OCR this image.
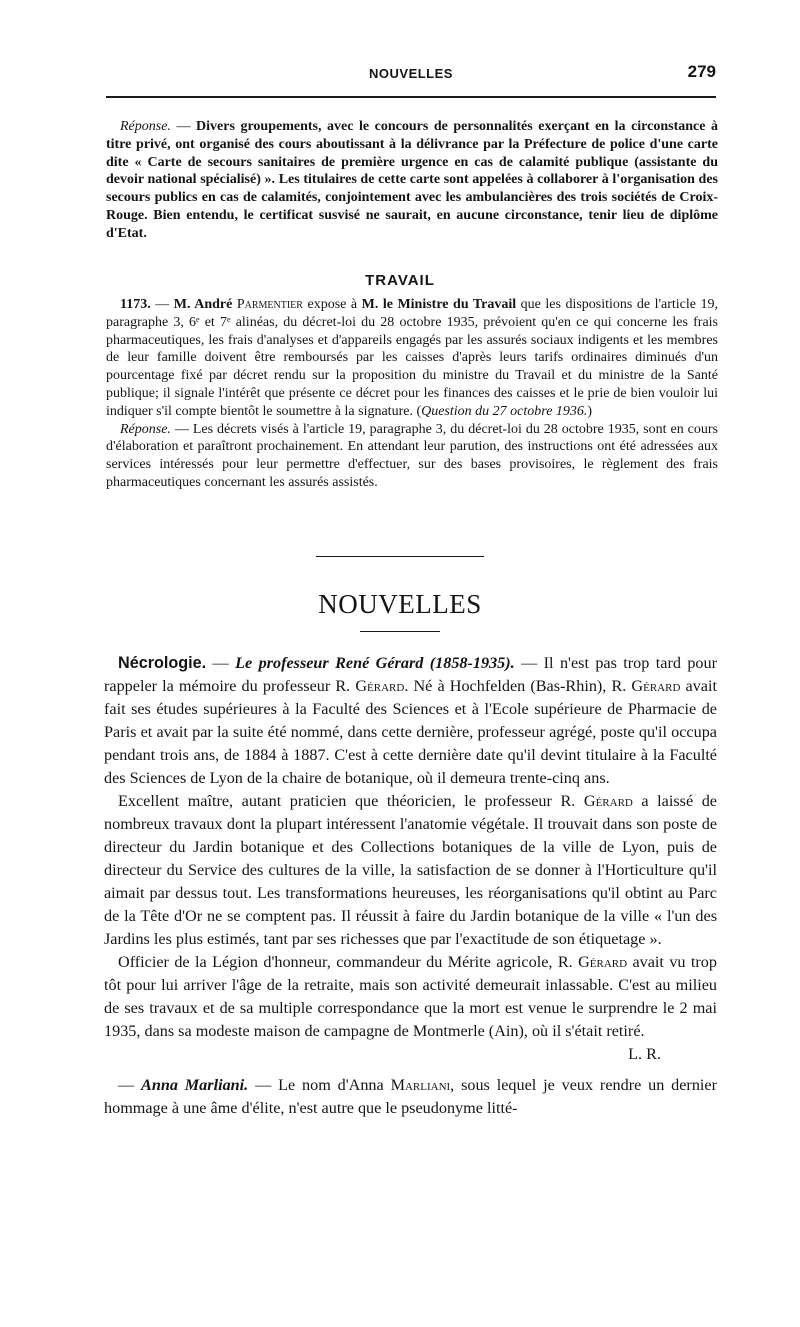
NOUVELLES	279

Réponse. — Divers groupements, avec le concours de personnalités exerçant en la circonstance à titre privé, ont organisé des cours aboutissant à la délivrance par la Préfecture de police d'une carte dite « Carte de secours sanitaires de première urgence en cas de calamité publique (assistante du devoir national spécialisé) ». Les titulaires de cette carte sont appelées à collaborer à l'organisation des secours publics en cas de calamités, conjointement avec les ambulancières des trois sociétés de Croix-Rouge. Bien entendu, le certificat susvisé ne saurait, en aucune circonstance, tenir lieu de diplôme d'Etat.

TRAVAIL

1173. — M. André Parmentier expose à M. le Ministre du Travail que les dispositions de l'article 19, paragraphe 3, 6ᵉ et 7ᵉ alinéas, du décret-loi du 28 octobre 1935, prévoient qu'en ce qui concerne les frais pharmaceutiques, les frais d'analyses et d'appareils engagés par les assurés sociaux indigents et les membres de leur famille doivent être remboursés par les caisses d'après leurs tarifs ordinaires diminués d'un pourcentage fixé par décret rendu sur la proposition du ministre du Travail et du ministre de la Santé publique; il signale l'intérêt que présente ce décret pour les finances des caisses et le prie de bien vouloir lui indiquer s'il compte bientôt le soumettre à la signature. (Question du 27 octobre 1936.)

Réponse. — Les décrets visés à l'article 19, paragraphe 3, du décret-loi du 28 octobre 1935, sont en cours d'élaboration et paraîtront prochainement. En attendant leur parution, des instructions ont été adressées aux services intéressés pour leur permettre d'effectuer, sur des bases provisoires, le règlement des frais pharmaceutiques concernant les assurés assistés.

NOUVELLES

Nécrologie. — Le professeur René Gérard (1858-1935). — Il n'est pas trop tard pour rappeler la mémoire du professeur R. Gérard. Né à Hochfelden (Bas-Rhin), R. Gérard avait fait ses études supérieures à la Faculté des Sciences et à l'Ecole supérieure de Pharmacie de Paris et avait par la suite été nommé, dans cette dernière, professeur agrégé, poste qu'il occupa pendant trois ans, de 1884 à 1887. C'est à cette dernière date qu'il devint titulaire à la Faculté des Sciences de Lyon de la chaire de botanique, où il demeura trente-cinq ans.

Excellent maître, autant praticien que théoricien, le professeur R. Gérard a laissé de nombreux travaux dont la plupart intéressent l'anatomie végétale. Il trouvait dans son poste de directeur du Jardin botanique et des Collections botaniques de la ville de Lyon, puis de directeur du Service des cultures de la ville, la satisfaction de se donner à l'Horticulture qu'il aimait par dessus tout. Les transformations heureuses, les réorganisations qu'il obtint au Parc de la Tête d'Or ne se comptent pas. Il réussit à faire du Jardin botanique de la ville « l'un des Jardins les plus estimés, tant par ses richesses que par l'exactitude de son étiquetage ».

Officier de la Légion d'honneur, commandeur du Mérite agricole, R. Gérard avait vu trop tôt pour lui arriver l'âge de la retraite, mais son activité demeurait inlassable. C'est au milieu de ses travaux et de sa multiple correspondance que la mort est venue le surprendre le 2 mai 1935, dans sa modeste maison de campagne de Montmerle (Ain), où il s'était retiré.

L. R.

— Anna Marliani. — Le nom d'Anna Marliani, sous lequel je veux rendre un dernier hommage à une âme d'élite, n'est autre que le pseudonyme litté-
